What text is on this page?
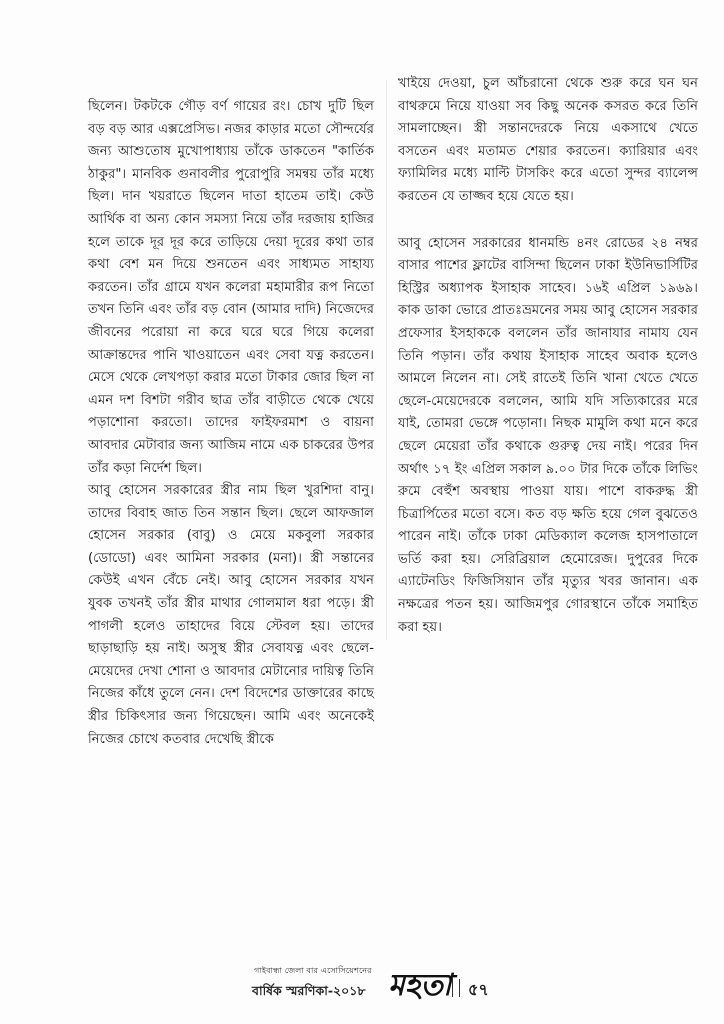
ছিলেন। টকটকে গৌড় বর্ণ গায়ের রং। চোখ দুটি ছিল বড় বড় আর এক্সপ্রেসিভ। নজর কাড়ার মতো সৌন্দর্যের জন্য আশুতোষ মুখোপাধ্যায় তাঁকে ডাকতেন "কার্তিক ঠাকুর"। মানবিক গুনাবলীর পুরোপুরি সমন্বয় তাঁর মধ্যে ছিল। দান খয়রাতে ছিলেন দাতা হাতেম তাই। কেউ আর্থিক বা অন্য কোন সমস্যা নিয়ে তাঁর দরজায় হাজির হলে তাকে দূর দূর করে তাড়িয়ে দেয়া দূরের কথা তার কথা বেশ মন দিয়ে শুনতেন এবং সাধ্যমত সাহায্য করতেন। তাঁর গ্রামে যখন কলেরা মহামারীর রূপ নিতো তখন তিনি এবং তাঁর বড় বোন (আমার দাদি) নিজেদের জীবনের পরোয়া না করে ঘরে ঘরে গিয়ে কলেরা আক্রান্তদের পানি খাওয়াতেন এবং সেবা যত্ন করতেন। মেসে থেকে লেখপড়া করার মতো টাকার জোর ছিল না এমন দশ বিশটা গরীব ছাত্র তাঁর বাড়ীতে থেকে খেয়ে পড়াশোনা করতো। তাদের ফাইফরমাশ ও বায়না আবদার মেটাবার জন্য আজিম নামে এক চাকরের উপর তাঁর কড়া নির্দেশ ছিল।

আবু হোসেন সরকারের স্ত্রীর নাম ছিল খুরশিদা বানু। তাদের বিবাহ জাত তিন সন্তান ছিল। ছেলে আফজাল হোসেন সরকার (বাবু) ও মেয়ে মকবুলা সরকার (ডোডো) এবং আমিনা সরকার (মনা)। স্ত্রী সন্তানের কেউই এখন বেঁচে নেই। আবু হোসেন সরকার যখন যুবক তখনই তাঁর স্ত্রীর মাথার গোলমাল ধরা পড়ে। স্ত্রী পাগলী হলেও তাহাদের বিয়ে স্টেবল হয়। তাদের ছাড়াছাড়ি হয় নাই। অসুস্থ স্ত্রীর সেবাযত্ন এবং ছেলে-মেয়েদের দেখা শোনা ও আবদার মেটানোর দায়িত্ব তিনি নিজের কাঁধে তুলে নেন। দেশ বিদেশের ডাক্তারের কাছে স্ত্রীর চিকিৎসার জন্য গিয়েছেন। আমি এবং অনেকেই নিজের চোখে কতবার দেখেছি স্ত্রীকে

খাইয়ে দেওয়া, চুল আঁচরানো থেকে শুরু করে ঘন ঘন বাথরুমে নিয়ে যাওয়া সব কিছু অনেক কসরত করে তিনি সামলাচ্ছেন। স্ত্রী সন্তানদেরকে নিয়ে একসাথে খেতে বসতেন এবং মতামত শেয়ার করতেন। ক্যারিয়ার এবং ফ্যামিলির মধ্যে মাল্টি টাসকিং করে এতো সুন্দর ব্যালেন্স করতেন যে তাজ্জব হয়ে যেতে হয়।

আবু হোসেন সরকারের ধানমন্ডি ৪নং রোডের ২৪ নম্বর বাসার পাশের ফ্লাটের বাসিন্দা ছিলেন ঢাকা ইউনিভার্সিটির হিস্ট্রির অধ্যাপক ইসাহাক সাহেব। ১৬ই এপ্রিল ১৯৬৯। কাক ডাকা ভোরে প্রাতঃভ্রমনের সময় আবু হোসেন সরকার প্রফেসার ইসহাককে বললেন তাঁর জানাযার নামায যেন তিনি পড়ান। তাঁর কথায় ইসাহাক সাহেব অবাক হলেও আমলে নিলেন না। সেই রাতেই তিনি খানা খেতে খেতে ছেলে-মেয়েদেরকে বললেন, আমি যদি সত্যিকারের মরে যাই, তোমরা ভেঙ্গে পড়োনা। নিছক মামুলি কথা মনে করে ছেলে মেয়েরা তাঁর কথাকে গুরুত্ব দেয় নাই। পরের দিন অর্থাৎ ১৭ ইং এপ্রিল সকাল ৯.০০ টার দিকে তাঁকে লিভিং রুমে বেহুঁশ অবস্থায় পাওয়া যায়। পাশে বাকরুদ্ধ স্ত্রী চিত্রার্পিতের মতো বসে। কত বড় ক্ষতি হয়ে গেল বুঝতেও পারেন নাই। তাঁকে ঢাকা মেডিক্যাল কলেজ হাসপাতালে ভর্তি করা হয়। সেরিব্রিয়াল হেমোরেজ। দুপুরের দিকে এ্যাটেনডিং ফিজিসিয়ান তাঁর মৃত্যুর খবর জানান। এক নক্ষত্রের পতন হয়। আজিমপুর গোরস্থানে তাঁকে সমাহিত করা হয়।

গাইবান্ধা জেলা বার এসোসিয়েশনের
বার্ষিক স্মরণিকা-২০১৮ মহতা ৫৭
